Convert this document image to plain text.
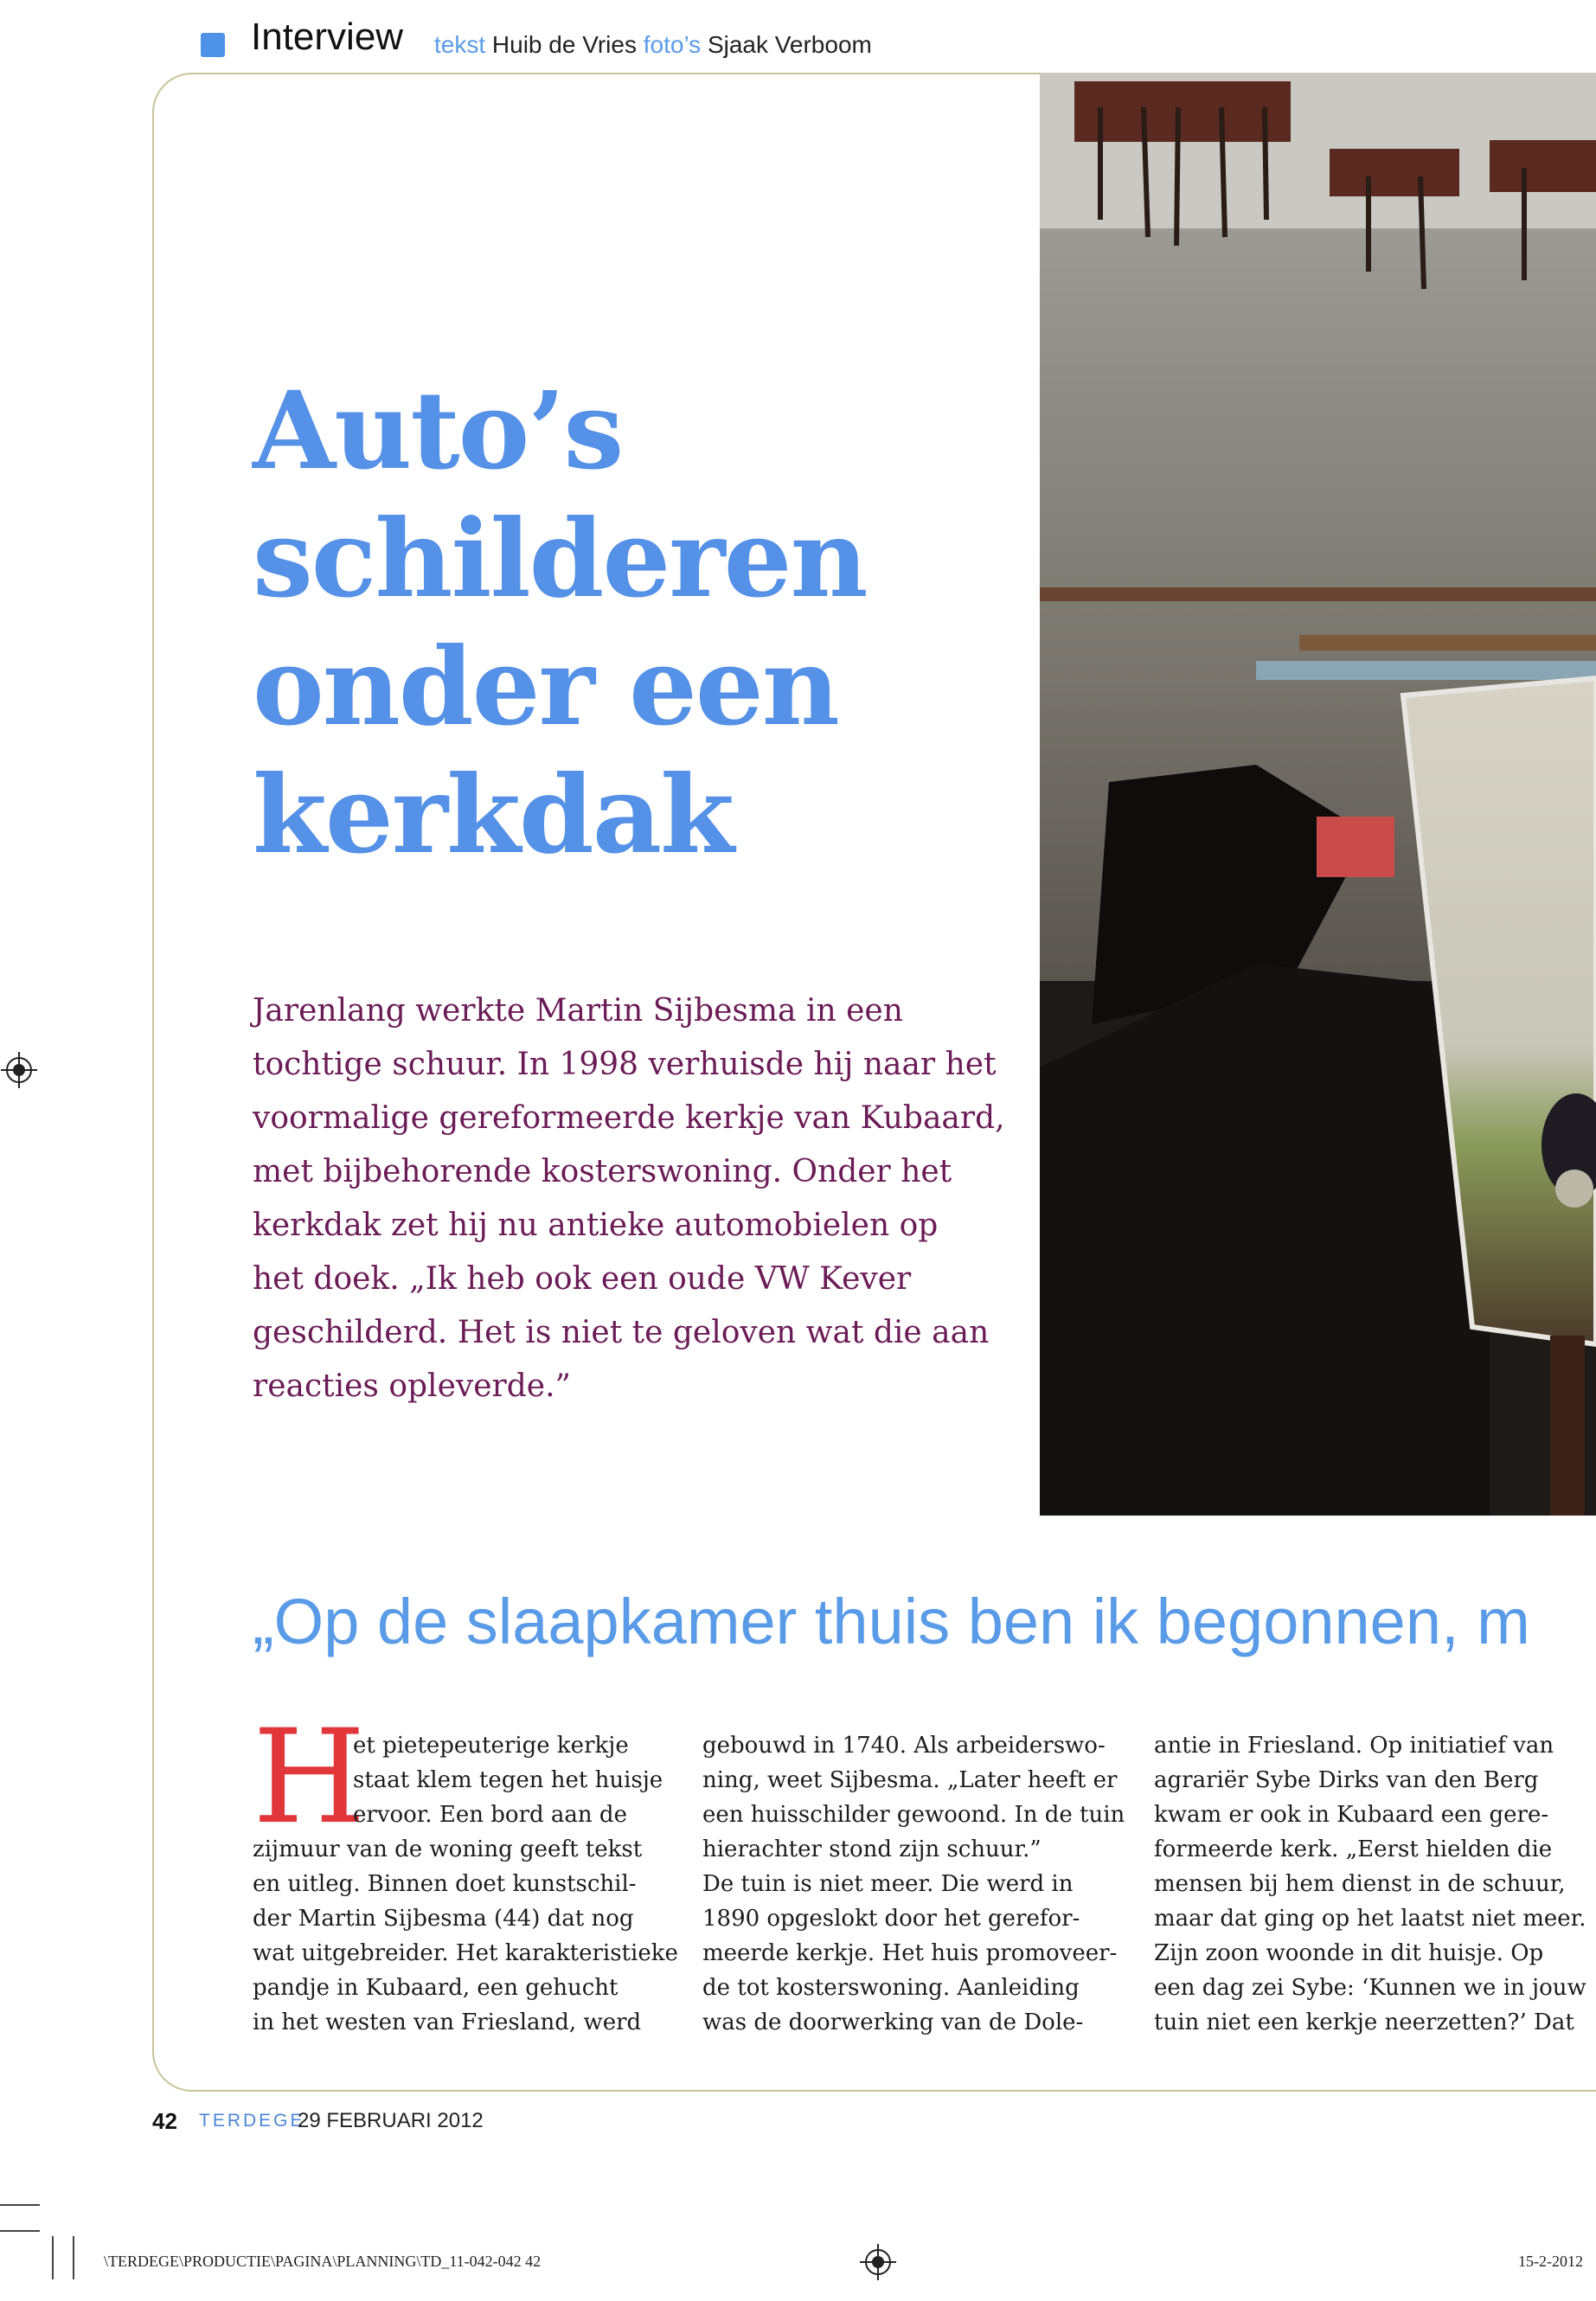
Interview tekst Huib de Vries foto’s Sjaak Verboom
Auto’s
schilderen
onder een
kerkdak

Jarenlang werkte Martin Sijbesma in een
tochtige schuur. In 1998 verhuisde hij naar het
voormalige gereformeerde kerkje van Kubaard,
met bijbehorende kosterswoning. Onder het
kerkdak zet hij nu antieke automobielen op
het doek. „Ik heb ook een oude VW Kever
geschilderd. Het is niet te geloven wat die aan
reacties opleverde.”

„Op de slaapkamer thuis ben ik begonnen, m
H
et pietepeuterige kerkje
staat klem tegen het huisje
ervoor. Een bord aan de
zijmuur van de woning geeft tekst
en uitleg. Binnen doet kunstschil-
der Martin Sijbesma (44) dat nog
wat uitgebreider. Het karakteristieke
pandje in Kubaard, een gehucht
in het westen van Friesland, werd
gebouwd in 1740. Als arbeiderswo-
ning, weet Sijbesma. „Later heeft er
een huisschilder gewoond. In de tuin
hierachter stond zijn schuur.”
De tuin is niet meer. Die werd in
1890 opgeslokt door het gerefor-
meerde kerkje. Het huis promoveer-
de tot kosterswoning. Aanleiding
was de doorwerking van de Dole-
antie in Friesland. Op initiatief van
agrariër Sybe Dirks van den Berg
kwam er ook in Kubaard een gere-
formeerde kerk. „Eerst hielden die
mensen bij hem dienst in de schuur,
maar dat ging op het laatst niet meer.
Zijn zoon woonde in dit huisje. Op
een dag zei Sybe: ‘Kunnen we in jouw
tuin niet een kerkje neerzetten?’ Dat
42 TERDEGE
29 FEBRUARI 2012
\TERDEGE\PRODUCTIE\PAGINA\PLANNING\TD_11-042-042 42	15-2-2012
